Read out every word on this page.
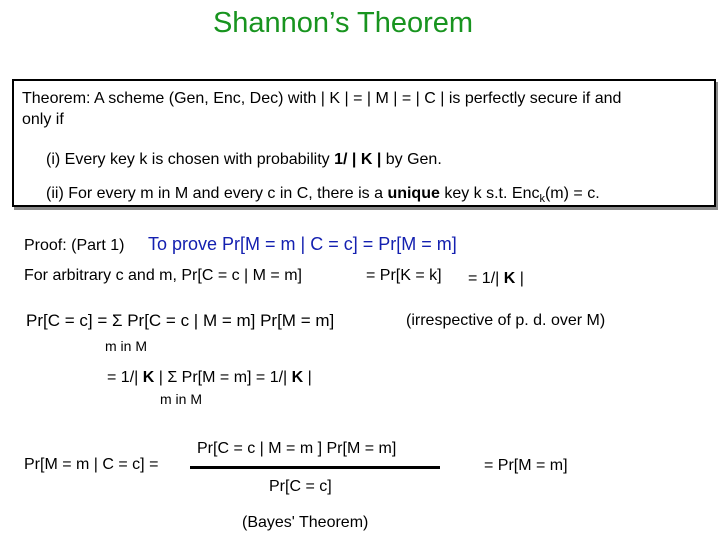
Shannon’s Theorem
Theorem: A scheme (Gen, Enc, Dec) with | K | = | M | = | C | is perfectly secure if and
only if
(i) Every key k is chosen with probability 1/ | K | by Gen.
(ii) For every m in M and every c in C, there is a unique key k s.t. Enc$_k$(m) = c.
Proof: (Part 1) To prove Pr[M = m | C = c] = Pr[M = m]
For arbitrary c and m, Pr[C = c | M = m]	= Pr[K = k] = 1/| K |
Pr[C = c] = Σ Pr[C = c | M = m] Pr[M = m]	(irrespective of p. d. over M)
m in M
= 1/| K | Σ Pr[M = m] = 1/| K |
m in M
Pr[M = m | C = c] =
Pr[C = c | M = m ] Pr[M = m]
Pr[C = c]
= Pr[M = m]
(Bayes' Theorem)
